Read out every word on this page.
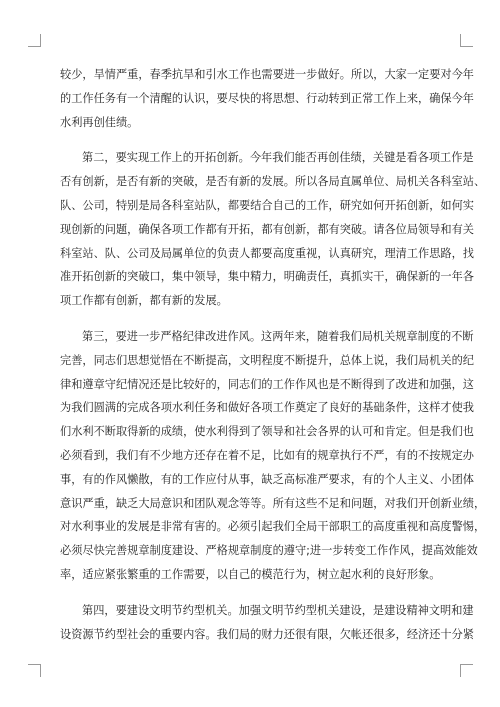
较少，旱情严重，春季抗旱和引水工作也需要进一步做好。所以，大家一定要对今年
的工作任务有一个清醒的认识，要尽快的将思想、行动转到正常工作上来，确保今年
水利再创佳绩。
第二，要实现工作上的开拓创新。今年我们能否再创佳绩，关键是看各项工作是
否有创新，是否有新的突破，是否有新的发展。所以各局直属单位、局机关各科室站、
队、公司，特别是局各科室站队，都要结合自己的工作，研究如何开拓创新，如何实
现创新的问题，确保各项工作都有开拓，都有创新，都有突破。请各位局领导和有关
科室站、队、公司及局属单位的负责人都要高度重视，认真研究，理清工作思路，找
准开拓创新的突破口，集中领导，集中精力，明确责任，真抓实干，确保新的一年各
项工作都有创新，都有新的发展。
第三，要进一步严格纪律改进作风。这两年来，随着我们局机关规章制度的不断
完善，同志们思想觉悟在不断提高，文明程度不断提升，总体上说，我们局机关的纪
律和遵章守纪情况还是比较好的，同志们的工作作风也是不断得到了改进和加强，这
为我们圆满的完成各项水利任务和做好各项工作奠定了良好的基础条件，这样才使我
们水利不断取得新的成绩，使水利得到了领导和社会各界的认可和肯定。但是我们也
必须看到，我们有不少地方还存在着不足，比如有的规章执行不严，有的不按规定办
事，有的作风懒散，有的工作应付从事，缺乏高标准严要求，有的个人主义、小团体
意识严重，缺乏大局意识和团队观念等等。所有这些不足和问题，对我们开创新业绩，
对水利事业的发展是非常有害的。必须引起我们全局干部职工的高度重视和高度警惕，
必须尽快完善规章制度建设、严格规章制度的遵守;进一步转变工作作风，提高效能效
率，适应紧张繁重的工作需要，以自己的模范行为，树立起水利的良好形象。
第四，要建设文明节约型机关。加强文明节约型机关建设，是建设精神文明和建
设资源节约型社会的重要内容。我们局的财力还很有限，欠帐还很多，经济还十分紧
